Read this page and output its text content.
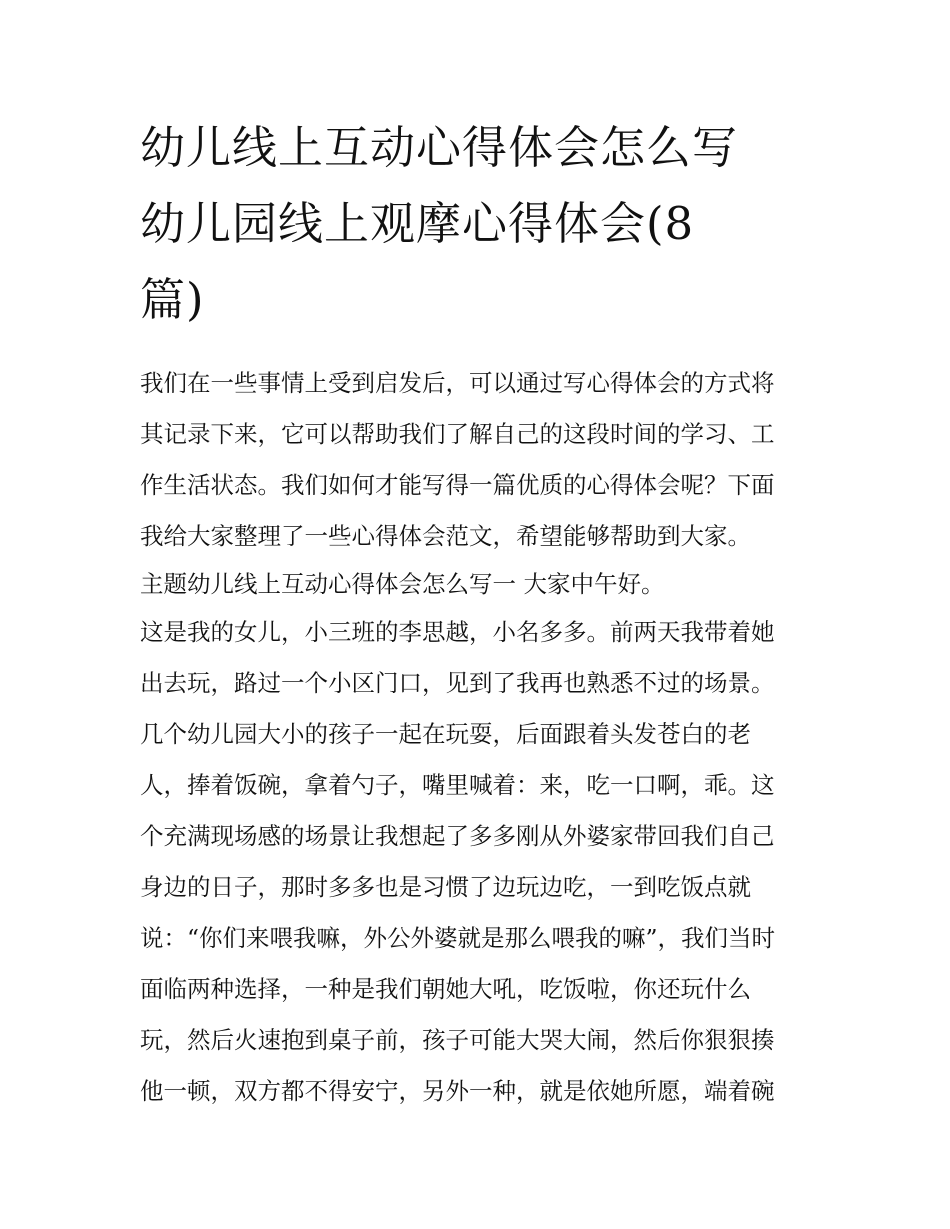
幼儿线上互动心得体会怎么写
幼儿园线上观摩心得体会(8
篇)

我们在一些事情上受到启发后，可以通过写心得体会的方式将
其记录下来，它可以帮助我们了解自己的这段时间的学习、工
作生活状态。我们如何才能写得一篇优质的心得体会呢？下面
我给大家整理了一些心得体会范文，希望能够帮助到大家。

主题幼儿线上互动心得体会怎么写一 大家中午好。

这是我的女儿，小三班的李思越，小名多多。前两天我带着她
出去玩，路过一个小区门口，见到了我再也熟悉不过的场景。
几个幼儿园大小的孩子一起在玩耍，后面跟着头发苍白的老
人，捧着饭碗，拿着勺子，嘴里喊着：来，吃一口啊，乖。这
个充满现场感的场景让我想起了多多刚从外婆家带回我们自己
身边的日子，那时多多也是习惯了边玩边吃，一到吃饭点就
说：“你们来喂我嘛，外公外婆就是那么喂我的嘛”，我们当时
面临两种选择，一种是我们朝她大吼，吃饭啦，你还玩什么
玩，然后火速抱到桌子前，孩子可能大哭大闹，然后你狠狠揍
他一顿，双方都不得安宁，另外一种，就是依她所愿，端着碗
